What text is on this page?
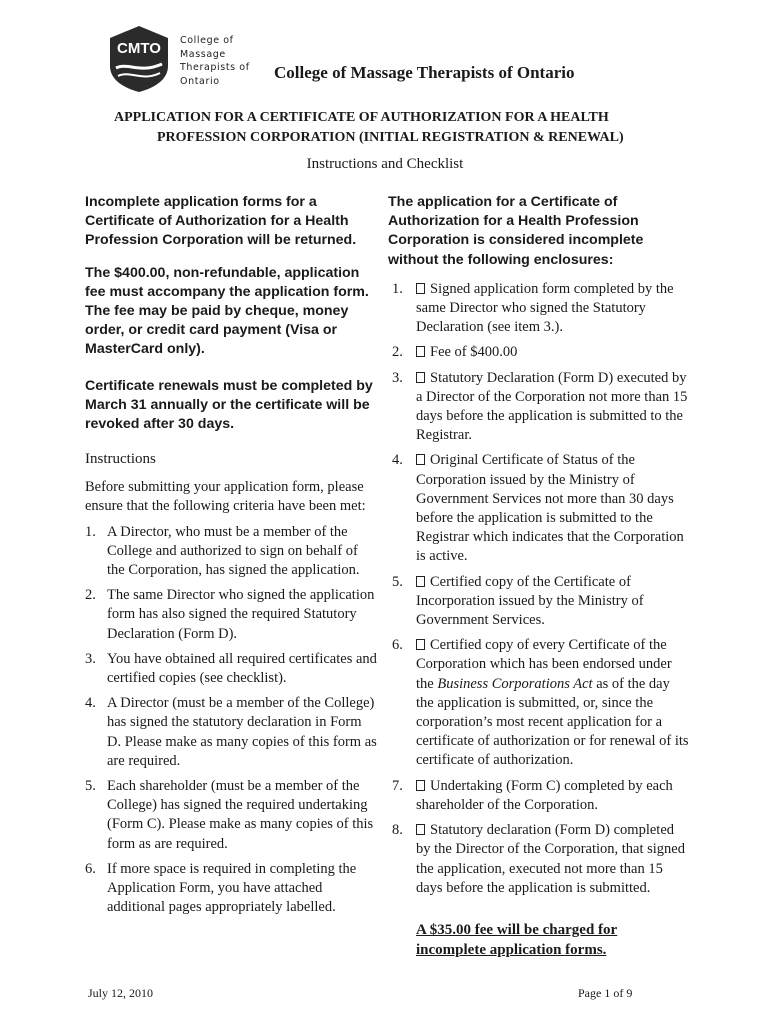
CMTO College of
Massage
Therapists of
Ontario	College of Massage Therapists of Ontario
APPLICATION FOR A CERTIFICATE OF AUTHORIZATION FOR A HEALTH
PROFESSION CORPORATION (INITIAL REGISTRATION & RENEWAL)
Instructions and Checklist

Incomplete application forms for a Certificate of Authorization for a Health Profession Corporation will be returned.

The $400.00, non-refundable, application fee must accompany the application form. The fee may be paid by cheque, money order, or credit card payment (Visa or MasterCard only).

Certificate renewals must be completed by March 31 annually or the certificate will be revoked after 30 days.

Instructions

Before submitting your application form, please ensure that the following criteria have been met:

1. A Director, who must be a member of the College and authorized to sign on behalf of the Corporation, has signed the application.
2. The same Director who signed the application form has also signed the required Statutory Declaration (Form D).
3. You have obtained all required certificates and certified copies (see checklist).
4. A Director (must be a member of the College) has signed the statutory declaration in Form D. Please make as many copies of this form as are required.
5. Each shareholder (must be a member of the College) has signed the required undertaking (Form C). Please make as many copies of this form as are required.
6. If more space is required in completing the Application Form, you have attached additional pages appropriately labelled.

The application for a Certificate of Authorization for a Health Profession Corporation is considered incomplete without the following enclosures:

1. Signed application form completed by the same Director who signed the Statutory Declaration (see item 3.).
2. Fee of $400.00
3. Statutory Declaration (Form D) executed by a Director of the Corporation not more than 15 days before the application is submitted to the Registrar.
4. Original Certificate of Status of the Corporation issued by the Ministry of Government Services not more than 30 days before the application is submitted to the Registrar which indicates that the Corporation is active.
5. Certified copy of the Certificate of Incorporation issued by the Ministry of Government Services.
6. Certified copy of every Certificate of the Corporation which has been endorsed under the Business Corporations Act as of the day the application is submitted, or, since the corporation’s most recent application for a certificate of authorization or for renewal of its certificate of authorization.
7. Undertaking (Form C) completed by each shareholder of the Corporation.
8. Statutory declaration (Form D) completed by the Director of the Corporation, that signed the application, executed not more than 15 days before the application is submitted.

A $35.00 fee will be charged for incomplete application forms.

July 12, 2010	Page 1 of 9
